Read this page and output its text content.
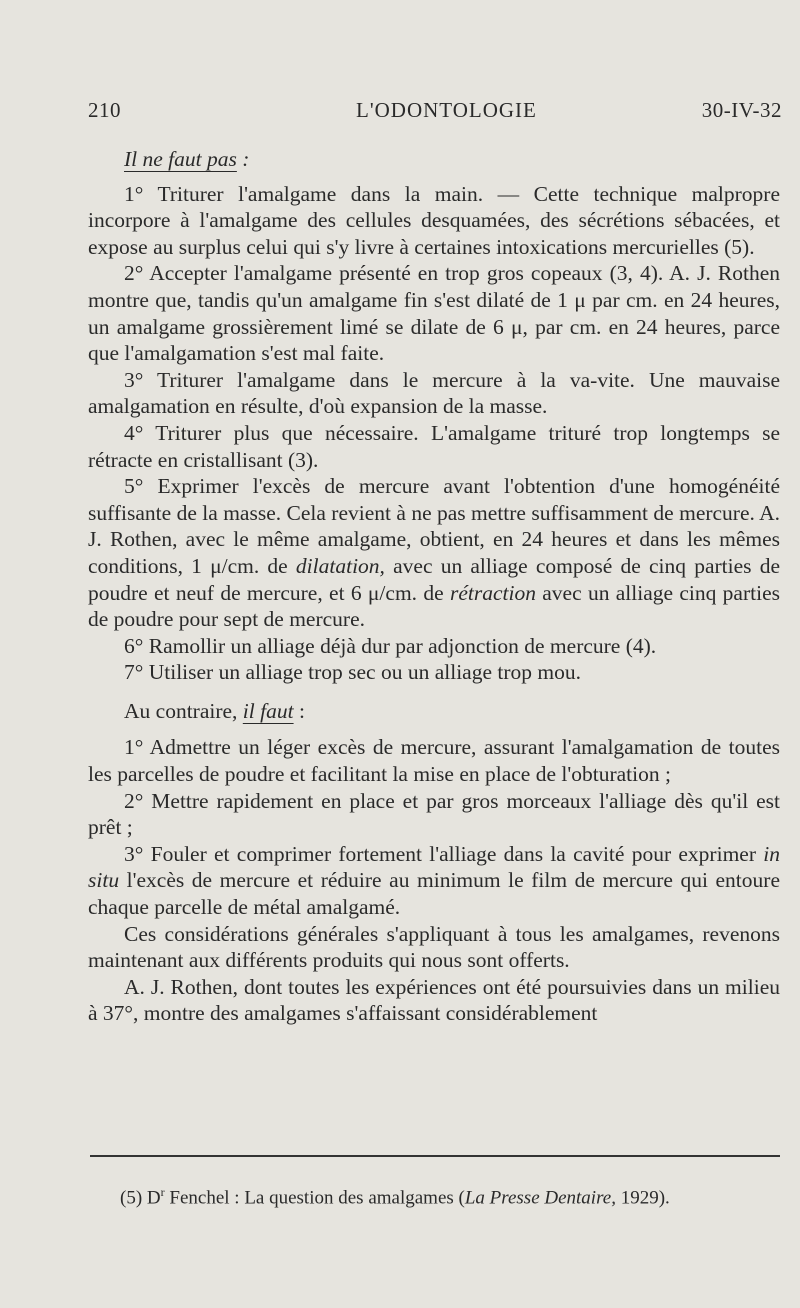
210	L'ODONTOLOGIE	30-IV-32

Il ne faut pas :

1° Triturer l'amalgame dans la main. — Cette technique malpropre incorpore à l'amalgame des cellules desquamées, des sécrétions sébacées, et expose au surplus celui qui s'y livre à certaines intoxications mercurielles (5).

2° Accepter l'amalgame présenté en trop gros copeaux (3, 4). A. J. Rothen montre que, tandis qu'un amalgame fin s'est dilaté de 1 μ par cm. en 24 heures, un amalgame grossièrement limé se dilate de 6 μ, par cm. en 24 heures, parce que l'amalgamation s'est mal faite.

3° Triturer l'amalgame dans le mercure à la va-vite. Une mauvaise amalgamation en résulte, d'où expansion de la masse.

4° Triturer plus que nécessaire. L'amalgame trituré trop longtemps se rétracte en cristallisant (3).

5° Exprimer l'excès de mercure avant l'obtention d'une homogénéité suffisante de la masse. Cela revient à ne pas mettre suffisamment de mercure. A. J. Rothen, avec le même amalgame, obtient, en 24 heures et dans les mêmes conditions, 1 μ/cm. de dilatation, avec un alliage composé de cinq parties de poudre et neuf de mercure, et 6 μ/cm. de rétraction avec un alliage cinq parties de poudre pour sept de mercure.

6° Ramollir un alliage déjà dur par adjonction de mercure (4).

7° Utiliser un alliage trop sec ou un alliage trop mou.

Au contraire, il faut :

1° Admettre un léger excès de mercure, assurant l'amalgamation de toutes les parcelles de poudre et facilitant la mise en place de l'obturation ;

2° Mettre rapidement en place et par gros morceaux l'alliage dès qu'il est prêt ;

3° Fouler et comprimer fortement l'alliage dans la cavité pour exprimer in situ l'excès de mercure et réduire au minimum le film de mercure qui entoure chaque parcelle de métal amalgamé.

Ces considérations générales s'appliquant à tous les amalgames, revenons maintenant aux différents produits qui nous sont offerts.

A. J. Rothen, dont toutes les expériences ont été poursuivies dans un milieu à 37°, montre des amalgames s'affaissant considérablement

(5) $D^r$ Fenchel : La question des amalgames (La Presse Dentaire, 1929).
